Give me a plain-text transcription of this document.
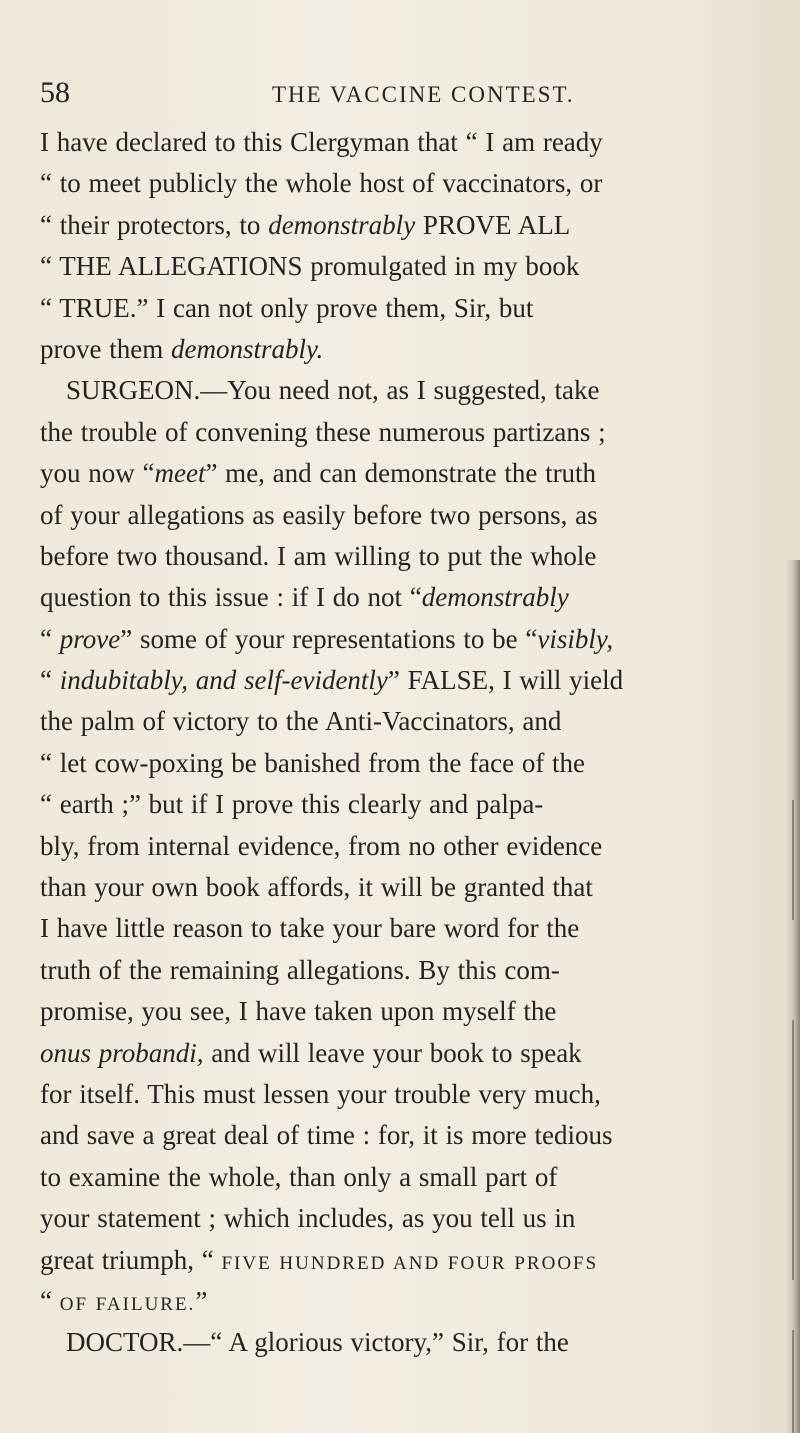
58	THE VACCINE CONTEST.
I have declared to this Clergyman that “ I am ready
“ to meet publicly the whole host of vaccinators, or
“ their protectors, to demonstrably PROVE ALL
“ THE ALLEGATIONS promulgated in my book
“ TRUE.” I can not only prove them, Sir, but
prove them demonstrably.
SURGEON.—You need not, as I suggested, take
the trouble of convening these numerous partizans ;
you now “meet” me, and can demonstrate the truth
of your allegations as easily before two persons, as
before two thousand. I am willing to put the whole
question to this issue : if I do not “demonstrably
“ prove” some of your representations to be “visibly,
“ indubitably, and self-evidently” FALSE, I will yield
the palm of victory to the Anti-Vaccinators, and
“ let cow-poxing be banished from the face of the
“ earth ;” but if I prove this clearly and palpa-
bly, from internal evidence, from no other evidence
than your own book affords, it will be granted that
I have little reason to take your bare word for the
truth of the remaining allegations. By this com-
promise, you see, I have taken upon myself the
onus probandi, and will leave your book to speak
for itself. This must lessen your trouble very much,
and save a great deal of time : for, it is more tedious
to examine the whole, than only a small part of
your statement ; which includes, as you tell us in
great triumph, “ FIVE HUNDRED AND FOUR PROOFS
“ OF FAILURE.”
DOCTOR.—“ A glorious victory,” Sir, for the
